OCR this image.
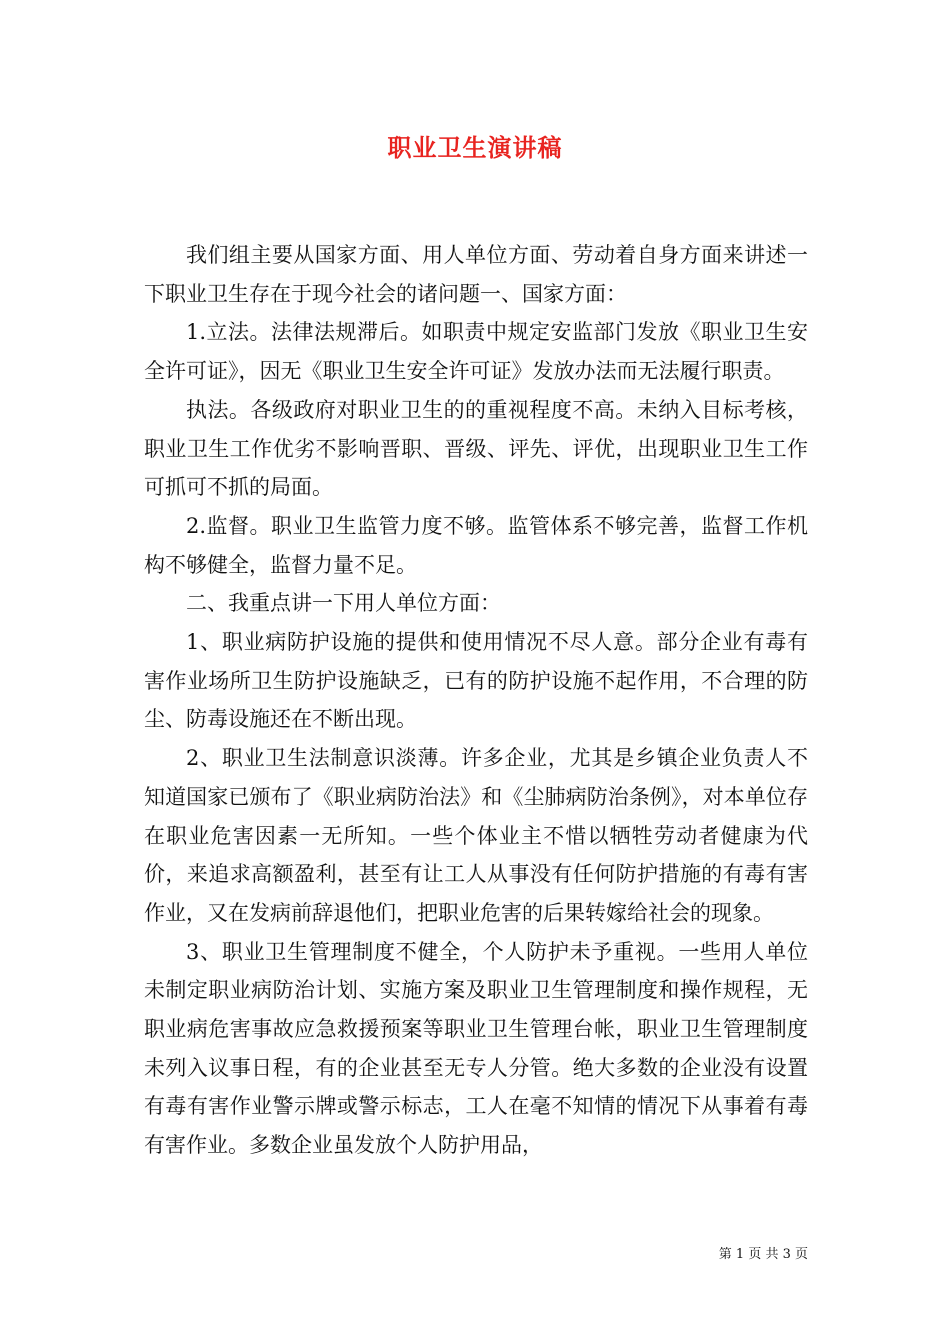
职业卫生演讲稿

我们组主要从国家方面、用人单位方面、劳动着自身方面来讲述一下职业卫生存在于现今社会的诸问题一、国家方面：

1.立法。法律法规滞后。如职责中规定安监部门发放《职业卫生安全许可证》，因无《职业卫生安全许可证》发放办法而无法履行职责。

执法。各级政府对职业卫生的的重视程度不高。未纳入目标考核，职业卫生工作优劣不影响晋职、晋级、评先、评优，出现职业卫生工作可抓可不抓的局面。

2.监督。职业卫生监管力度不够。监管体系不够完善，监督工作机构不够健全，监督力量不足。

二、我重点讲一下用人单位方面：

1、职业病防护设施的提供和使用情况不尽人意。部分企业有毒有害作业场所卫生防护设施缺乏，已有的防护设施不起作用，不合理的防尘、防毒设施还在不断出现。

2、职业卫生法制意识淡薄。许多企业，尤其是乡镇企业负责人不知道国家已颁布了《职业病防治法》和《尘肺病防治条例》，对本单位存在职业危害因素一无所知。一些个体业主不惜以牺牲劳动者健康为代价，来追求高额盈利，甚至有让工人从事没有任何防护措施的有毒有害作业，又在发病前辞退他们，把职业危害的后果转嫁给社会的现象。

3、职业卫生管理制度不健全，个人防护未予重视。一些用人单位未制定职业病防治计划、实施方案及职业卫生管理制度和操作规程，无职业病危害事故应急救援预案等职业卫生管理台帐，职业卫生管理制度未列入议事日程，有的企业甚至无专人分管。绝大多数的企业没有设置有毒有害作业警示牌或警示标志，工人在毫不知情的情况下从事着有毒有害作业。多数企业虽发放个人防护用品，

第 1 页 共 3 页
